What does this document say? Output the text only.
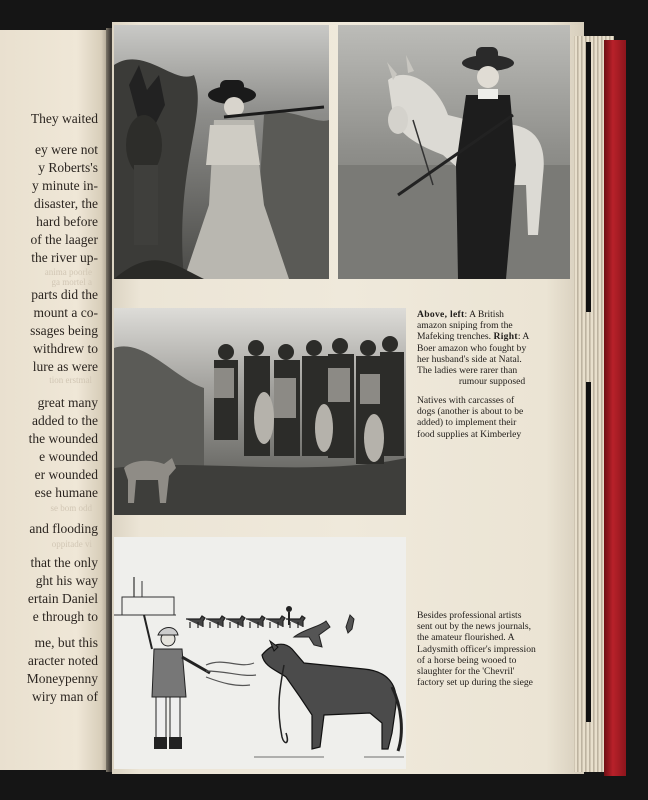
They waited
ey were not
y Roberts's
y minute in-
disaster, the
hard before
of the laager
the river up-
anima poorle
ga mortel a
parts did the
mount a co-
ssages being
withdrew to
lure as were
tion erstmal
great many
added to the
the wounded
e wounded
er wounded
ese humane
se bom odd
and flooding
oppitade vi
that the only
ght his way
ertain Daniel
e through to
me, but this
aracter noted
Moneypenny
wiry man of
Above, left: A British
amazon sniping from the
Mafeking trenches. Right: A
Boer amazon who fought by
her husband's side at Natal.
The ladies were rarer than
rumour supposed
Natives with carcasses of
dogs (another is about to be
added) to implement their
food supplies at Kimberley
Besides professional artists
sent out by the news journals,
the amateur flourished. A
Ladysmith officer's impression
of a horse being wooed to
slaughter for the 'Chevril'
factory set up during the siege
